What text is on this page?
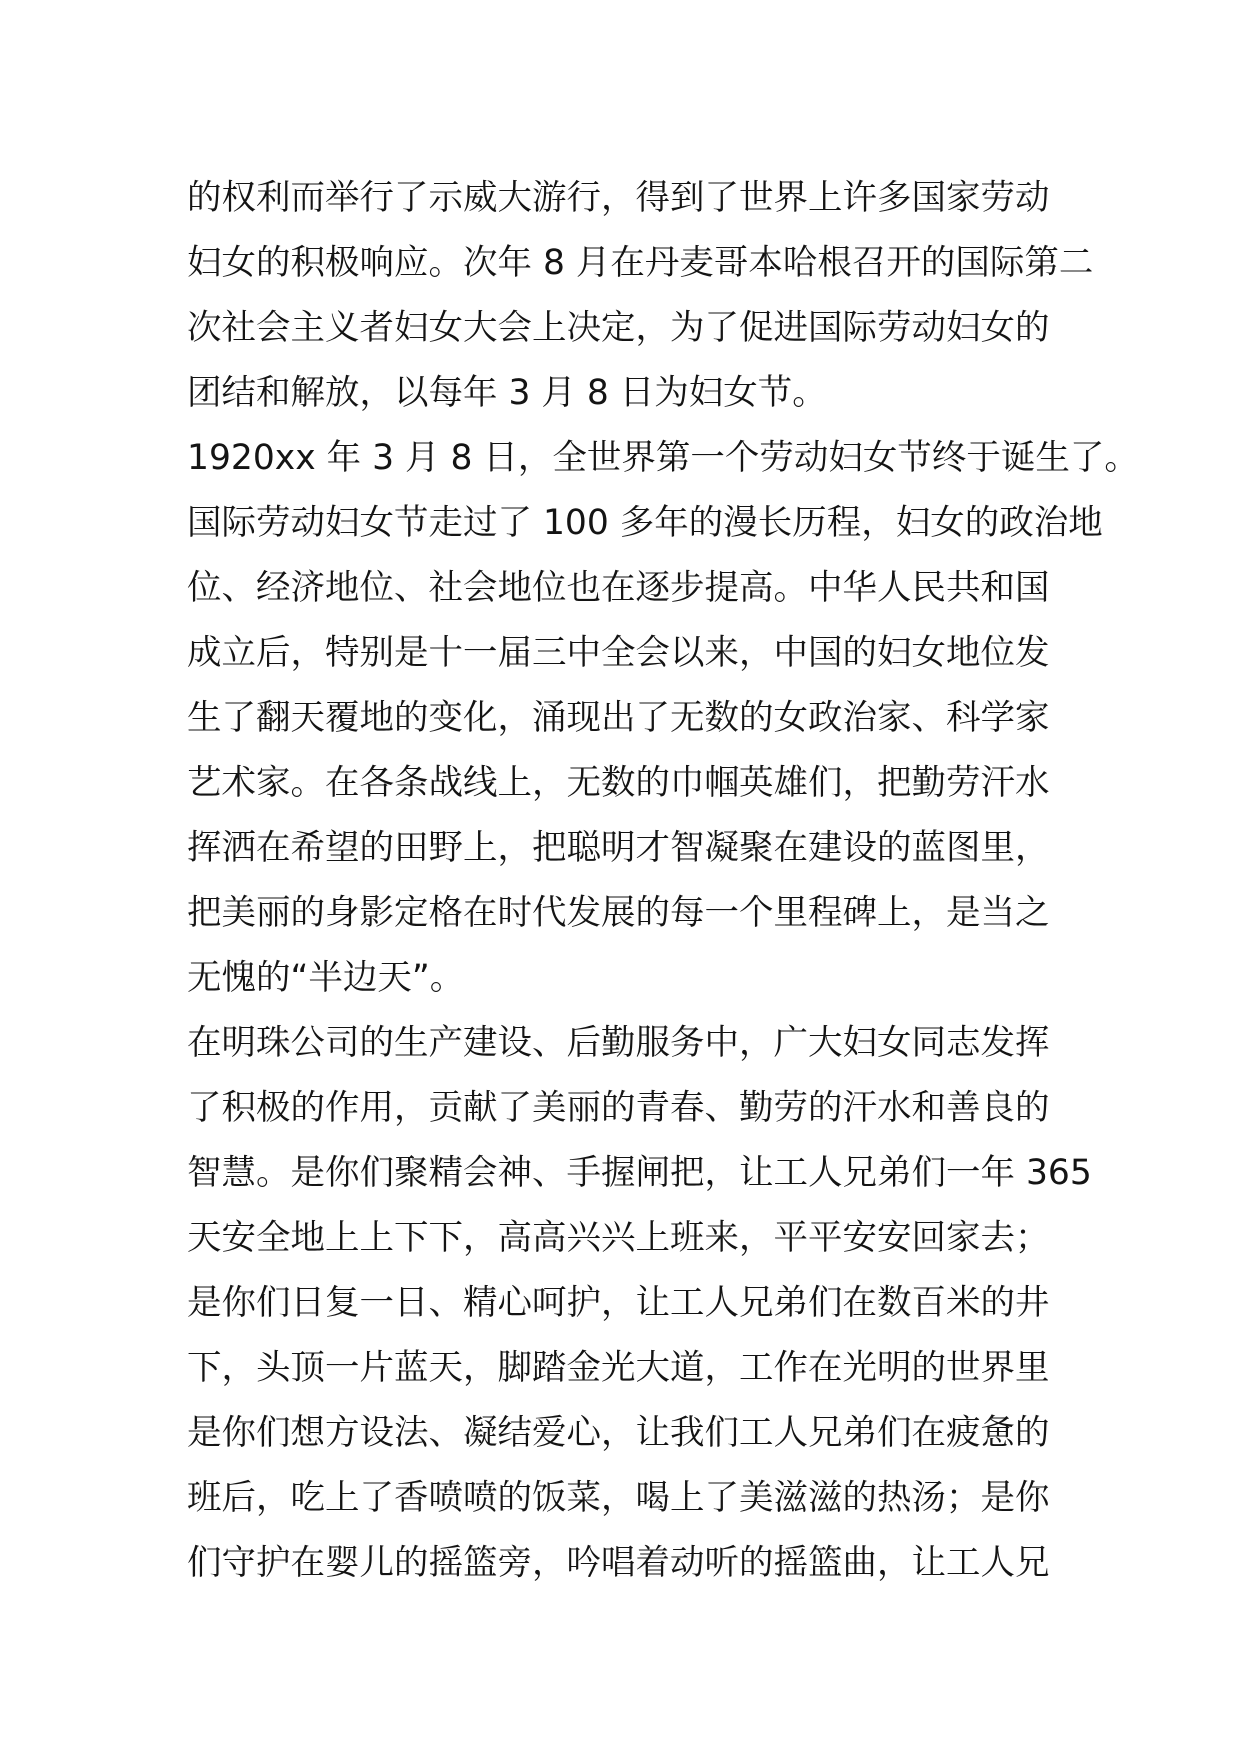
的权利而举行了示威大游行，得到了世界上许多国家劳动
妇女的积极响应。次年 8 月在丹麦哥本哈根召开的国际第二
次社会主义者妇女大会上决定，为了促进国际劳动妇女的
团结和解放，以每年 3 月 8 日为妇女节。
1920xx 年 3 月 8 日，全世界第一个劳动妇女节终于诞生了。
国际劳动妇女节走过了 100 多年的漫长历程，妇女的政治地
位、经济地位、社会地位也在逐步提高。中华人民共和国
成立后，特别是十一届三中全会以来，中国的妇女地位发
生了翻天覆地的变化，涌现出了无数的女政治家、科学家
艺术家。在各条战线上，无数的巾帼英雄们，把勤劳汗水
挥洒在希望的田野上，把聪明才智凝聚在建设的蓝图里，
把美丽的身影定格在时代发展的每一个里程碑上，是当之
无愧的“半边天”。
在明珠公司的生产建设、后勤服务中，广大妇女同志发挥
了积极的作用，贡献了美丽的青春、勤劳的汗水和善良的
智慧。是你们聚精会神、手握闸把，让工人兄弟们一年 365
天安全地上上下下，高高兴兴上班来，平平安安回家去；
是你们日复一日、精心呵护，让工人兄弟们在数百米的井
下，头顶一片蓝天，脚踏金光大道，工作在光明的世界里
是你们想方设法、凝结爱心，让我们工人兄弟们在疲惫的
班后，吃上了香喷喷的饭菜，喝上了美滋滋的热汤；是你
们守护在婴儿的摇篮旁，吟唱着动听的摇篮曲，让工人兄
